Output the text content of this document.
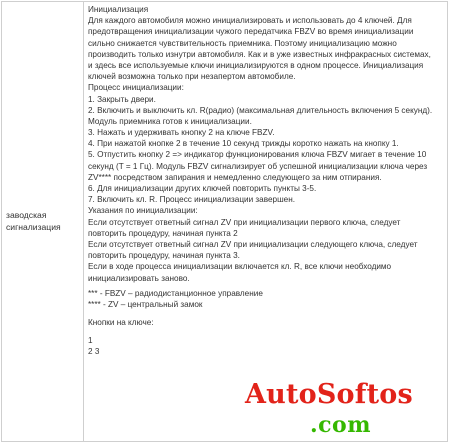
заводская
сигнализация
Инициализация
Для каждого автомобиля можно инициализировать и использовать до 4 ключей. Для
предотвращения инициализации чужого передатчика FBZV во время инициализации
сильно снижается чувствительность приемника. Поэтому инициализацию можно
производить только изнутри автомобиля. Как и в уже известных инфракрасных системах,
и здесь все используемые ключи инициализируются в одном процессе. Инициализация
ключей возможна только при незапертом автомобиле.
Процесс инициализации:
1. Закрыть двери.
2. Включить и выключить кл. R(радио) (максимальная длительность включения 5 секунд).
Модуль приемника готов к инициализации.
3. Нажать и удерживать кнопку 2 на ключе FBZV.
4. При нажатой кнопке 2 в течение 10 секунд трижды коротко нажать на кнопку 1.
5. Отпустить кнопку 2 => индикатор функционирования ключа FBZV мигает в течение 10
секунд (T = 1 Гц). Модуль FBZV сигнализирует об успешной инициализации ключа через
ZV**** посредством запирания и немедленно следующего за ним отпирания.
6. Для инициализации других ключей повторить пункты 3-5.
7. Включить кл. R. Процесс инициализации завершен.
Указания по инициализации:
Если отсутствует ответный сигнал ZV при инициализации первого ключа, следует
повторить процедуру, начиная пункта 2
Если отсутствует ответный сигнал ZV при инициализации следующего ключа, следует
повторить процедуру, начиная пункта 3.
Если в ходе процесса инициализации включается кл. R, все ключи необходимо
инициализировать заново.
*** - FBZV – радиодистанционное управление
**** - ZV – центральный замок
Кнопки на ключе:
1
2 3
AutoSoftos
.com
